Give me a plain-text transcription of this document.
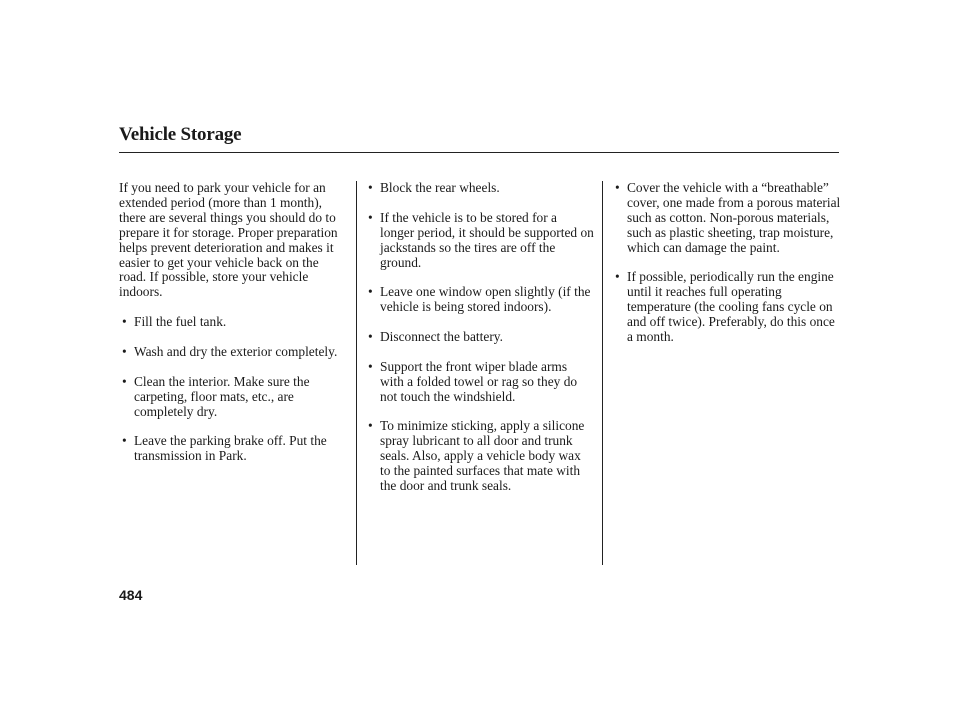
Vehicle Storage

If you need to park your vehicle for an extended period (more than 1 month), there are several things you should do to prepare it for storage. Proper preparation helps prevent deterioration and makes it easier to get your vehicle back on the road. If possible, store your vehicle indoors.

• Fill the fuel tank.
• Wash and dry the exterior completely.
• Clean the interior. Make sure the carpeting, floor mats, etc., are completely dry.
• Leave the parking brake off. Put the transmission in Park.
• Block the rear wheels.
• If the vehicle is to be stored for a longer period, it should be supported on jackstands so the tires are off the ground.
• Leave one window open slightly (if the vehicle is being stored indoors).
• Disconnect the battery.
• Support the front wiper blade arms with a folded towel or rag so they do not touch the windshield.
• To minimize sticking, apply a silicone spray lubricant to all door and trunk seals. Also, apply a vehicle body wax to the painted surfaces that mate with the door and trunk seals.
• Cover the vehicle with a “breathable” cover, one made from a porous material such as cotton. Non-porous materials, such as plastic sheeting, trap moisture, which can damage the paint.
• If possible, periodically run the engine until it reaches full operating temperature (the cooling fans cycle on and off twice). Preferably, do this once a month.
484
